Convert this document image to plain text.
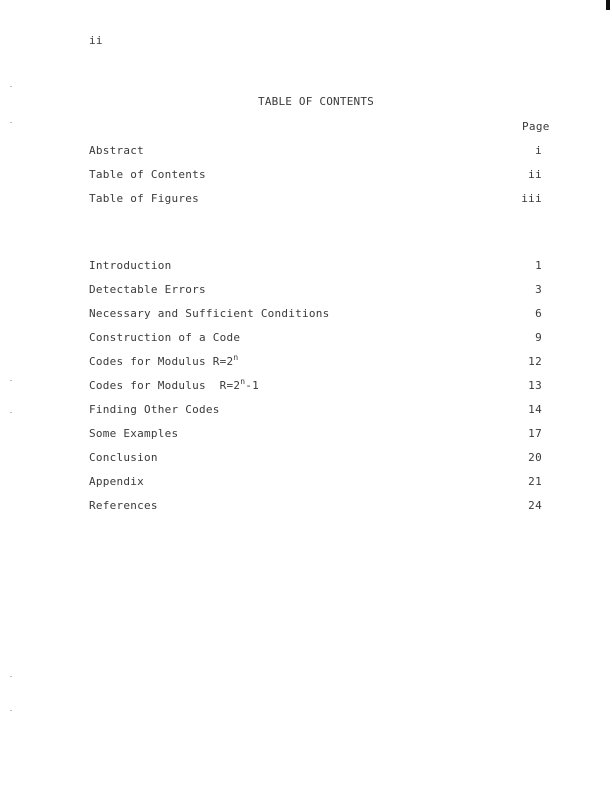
ii
TABLE OF CONTENTS
Page
Abstract	i
Table of Contents	ii
Table of Figures	iii
Introduction	1
Detectable Errors	3
Necessary and Sufficient Conditions	6
Construction of a Code	9
Codes for Modulus $R=2^n$	12
Codes for Modulus  $R=2^n-1$	13
Finding Other Codes	14
Some Examples	17
Conclusion	20
Appendix	21
References	24
